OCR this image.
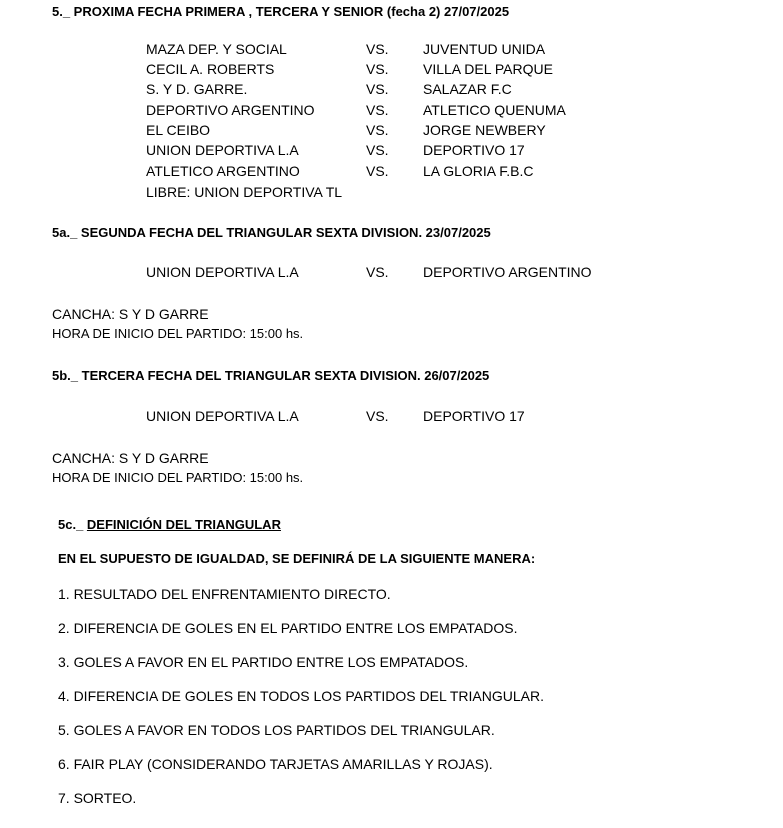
5._ PROXIMA FECHA PRIMERA , TERCERA Y SENIOR (fecha 2) 27/07/2025
MAZA DEP. Y SOCIAL	VS. JUVENTUD UNIDA
CECIL A. ROBERTS	VS. VILLA DEL PARQUE
S. Y D. GARRE.	VS. SALAZAR F.C
DEPORTIVO ARGENTINO	VS. ATLETICO QUENUMA
EL CEIBO	VS. JORGE NEWBERY
UNION DEPORTIVA L.A	VS. DEPORTIVO 17
ATLETICO ARGENTINO	VS. LA GLORIA F.B.C
LIBRE: UNION DEPORTIVA TL
5a._ SEGUNDA FECHA DEL TRIANGULAR SEXTA DIVISION. 23/07/2025
UNION DEPORTIVA L.A	VS. DEPORTIVO ARGENTINO
CANCHA: S Y D GARRE
HORA DE INICIO DEL PARTIDO: 15:00 hs.
5b._ TERCERA FECHA DEL TRIANGULAR SEXTA DIVISION. 26/07/2025
UNION DEPORTIVA L.A	VS. DEPORTIVO 17
CANCHA: S Y D GARRE
HORA DE INICIO DEL PARTIDO: 15:00 hs.
5c._ DEFINICIÓN DEL TRIANGULAR
EN EL SUPUESTO DE IGUALDAD, SE DEFINIRÁ DE LA SIGUIENTE MANERA:
1. RESULTADO DEL ENFRENTAMIENTO DIRECTO.
2. DIFERENCIA DE GOLES EN EL PARTIDO ENTRE LOS EMPATADOS.
3. GOLES A FAVOR EN EL PARTIDO ENTRE LOS EMPATADOS.
4. DIFERENCIA DE GOLES EN TODOS LOS PARTIDOS DEL TRIANGULAR.
5. GOLES A FAVOR EN TODOS LOS PARTIDOS DEL TRIANGULAR.
6. FAIR PLAY (CONSIDERANDO TARJETAS AMARILLAS Y ROJAS).
7. SORTEO.
